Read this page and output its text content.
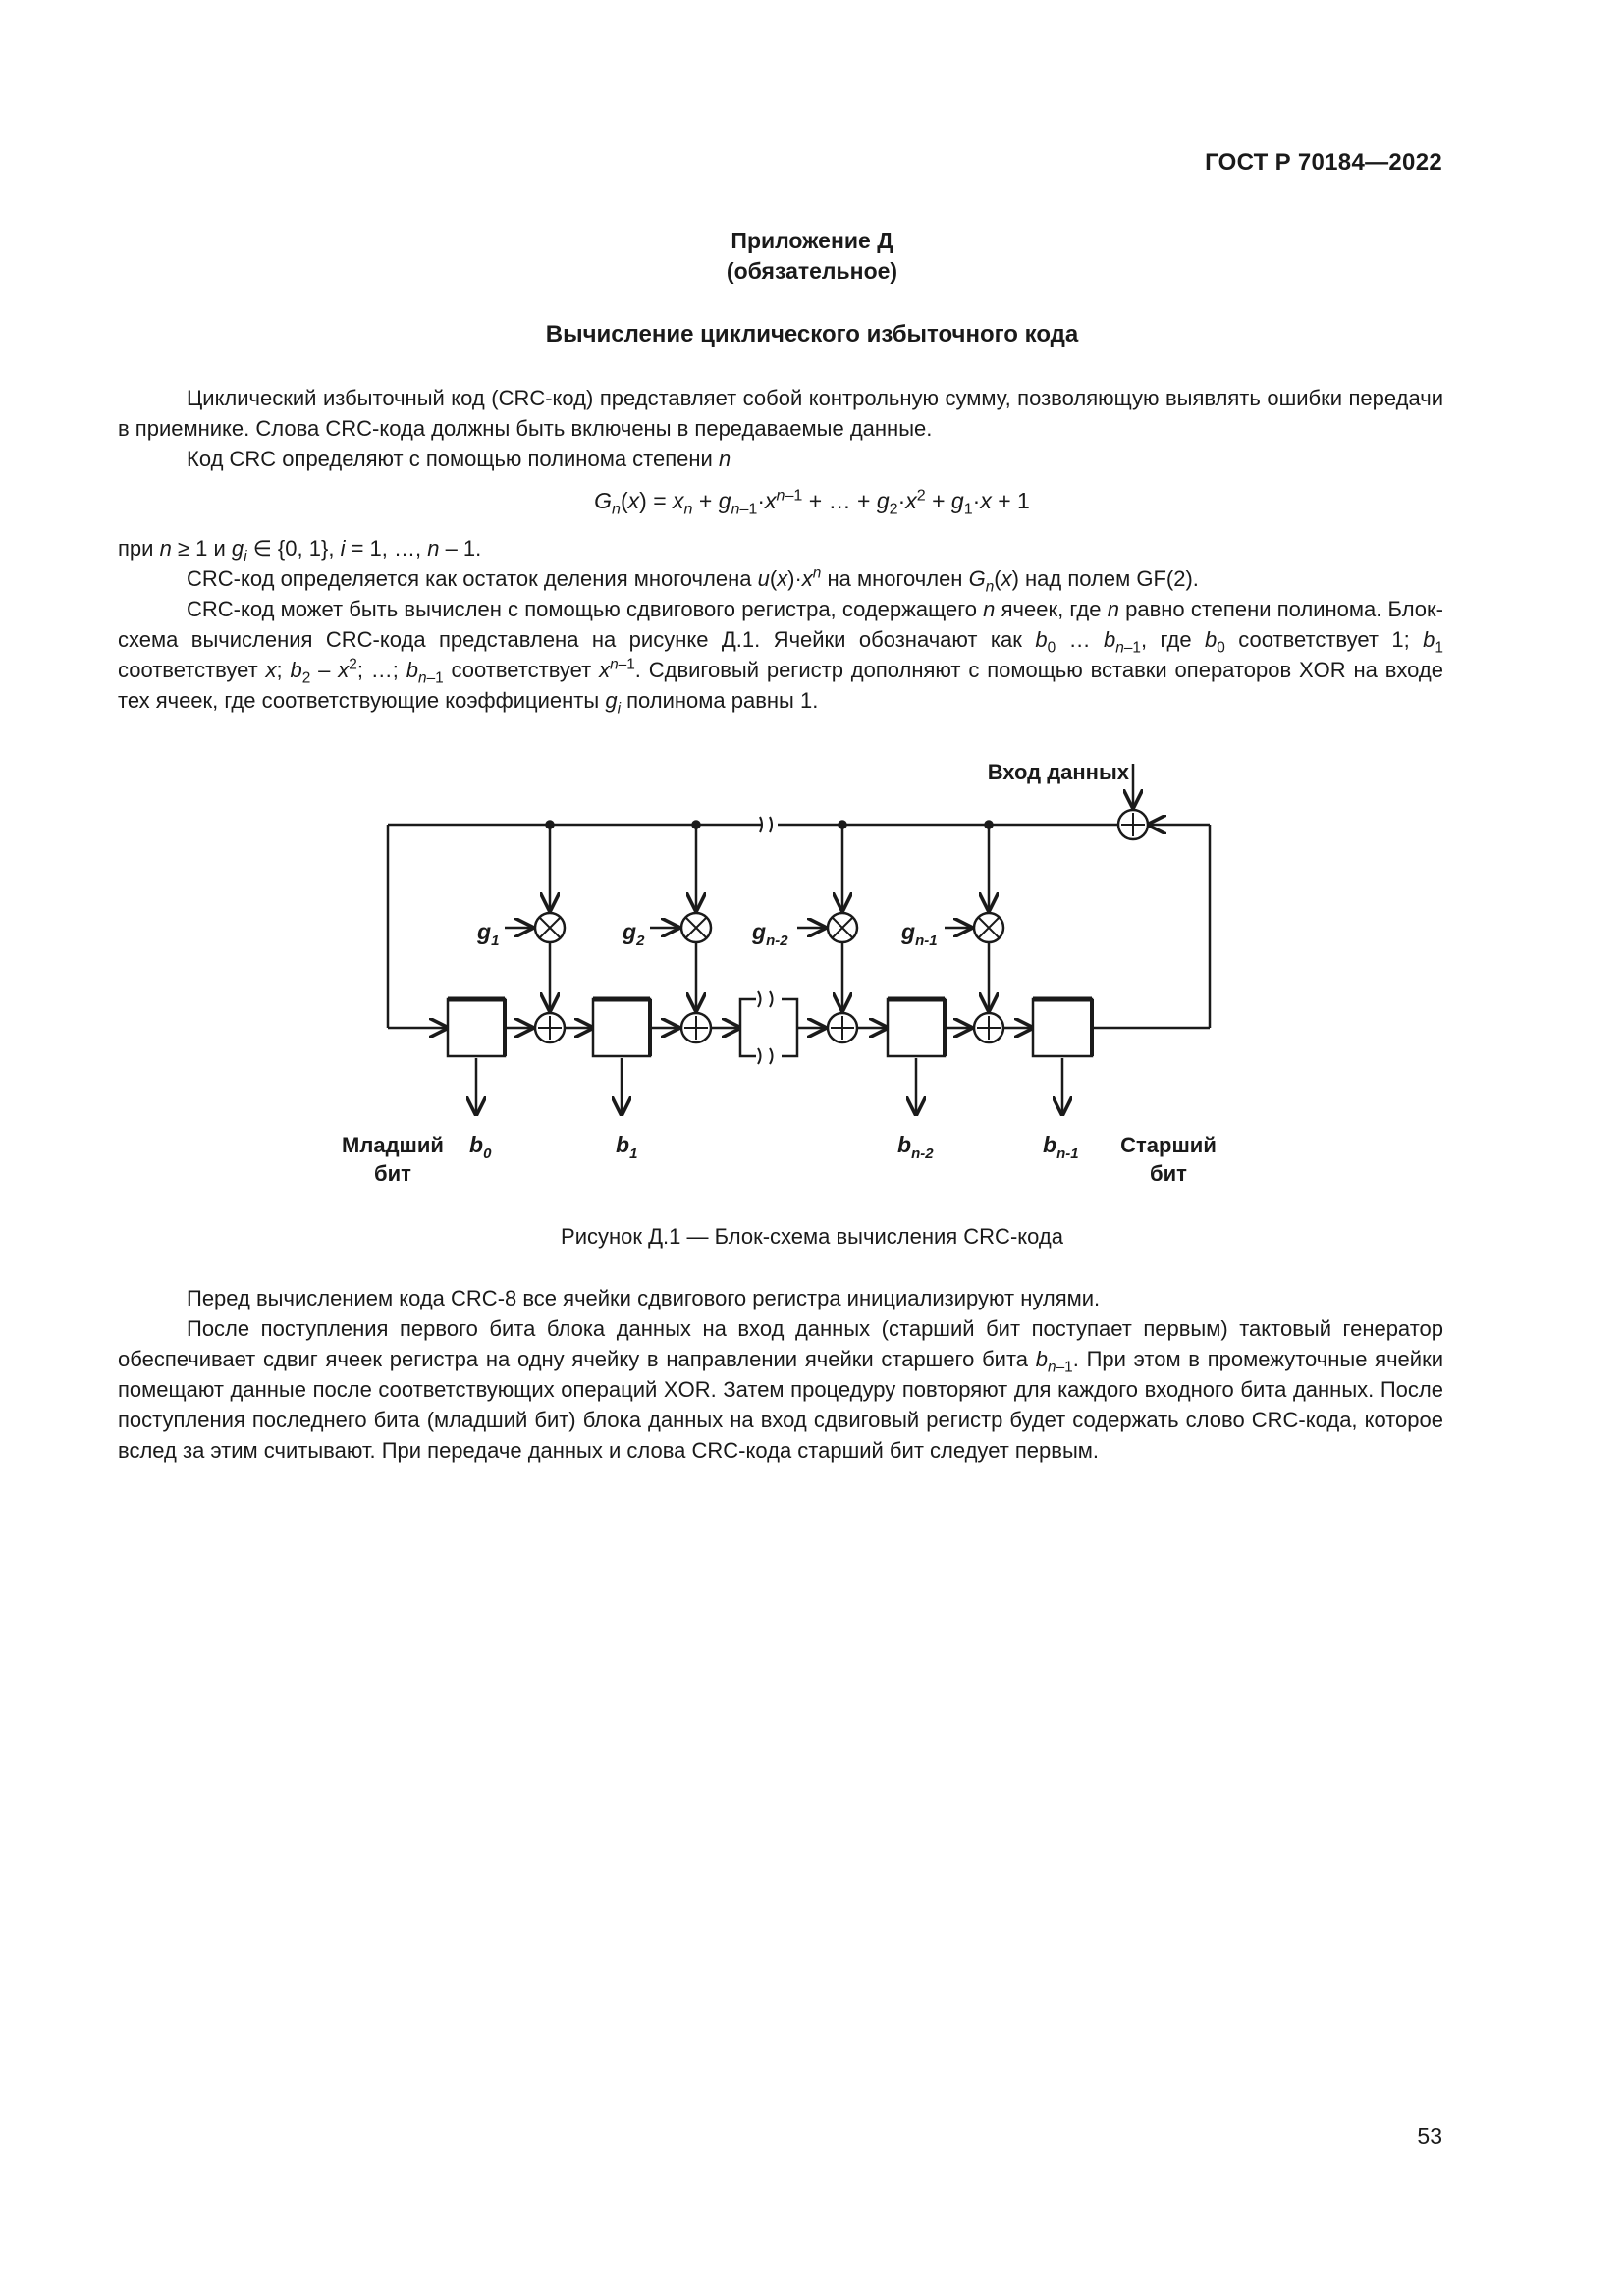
ГОСТ Р 70184—2022
Приложение Д
(обязательное)
Вычисление циклического избыточного кода

Циклический избыточный код (CRC-код) представляет собой контрольную сумму, позволяющую выявлять ошибки передачи в приемнике. Слова CRC-кода должны быть включены в передаваемые данные.

Код CRC определяют с помощью полинома степени n

$G_n(x) = x_n + g_{n-1}\cdot x^{n-1}$ + … + $g_2\cdot x^2 + g_1\cdot x + 1$

при n ≥ 1 и $g_i$ ∈ {0, 1}, i = 1, …, n – 1.

CRC-код определяется как остаток деления многочлена $u(x)\cdot x^n$ на многочлен $G_n(x)$ над полем GF(2).

CRC-код может быть вычислен с помощью сдвигового регистра, содержащего n ячеек, где n равно степени полинома. Блок-схема вычисления CRC-кода представлена на рисунке Д.1. Ячейки обозначают как $b_0$ … $b_{n-1}$, где $b_0$ соответствует 1; $b_1$ соответствует x; $b_2 - x^2$; …; $b_{n-1}$ соответствует $x^{n-1}$. Сдвиговый регистр дополняют с помощью вставки операторов XOR на входе тех ячеек, где соответствующие коэффициенты $g_i$ полинома равны 1.

Вход данных
$g_1$	$g_2$	$g_{n-2}$	$g_{n-1}$
Младший
бит
Старший
бит
$b_0$	$b_1$	$b_{n-2}$	$b_{n-1}$
Рисунок Д.1 — Блок-схема вычисления CRC-кода

Перед вычислением кода CRC-8 все ячейки сдвигового регистра инициализируют нулями.

После поступления первого бита блока данных на вход данных (старший бит поступает первым) тактовый генератор обеспечивает сдвиг ячеек регистра на одну ячейку в направлении ячейки старшего бита $b_{n-1}$. При этом в промежуточные ячейки помещают данные после соответствующих операций XOR. Затем процедуру повторяют для каждого входного бита данных. После поступления последнего бита (младший бит) блока данных на вход сдвиговый регистр будет содержать слово CRC-кода, которое вслед за этим считывают. При передаче данных и слова CRC-кода старший бит следует первым.

53
